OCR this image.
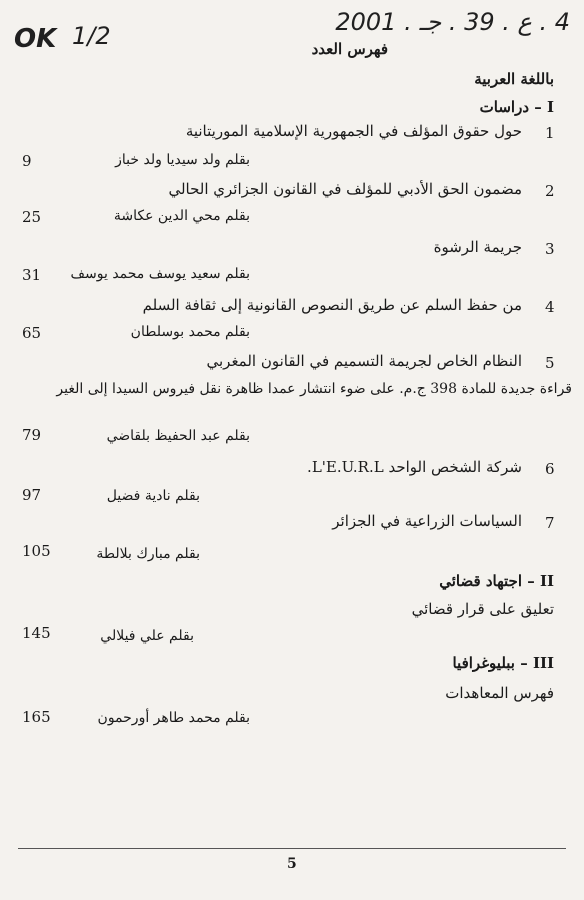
OK 1/2	4 . ع . 39 . جـ . 2001
فهرس العدد
باللغة العربية
I – دراسات
1
حول حقوق المؤلف في الجمهورية الإسلامية الموريتانية
بقلم ولد سيديا ولد خباز
9
2
مضمون الحق الأدبي للمؤلف في القانون الجزائري الحالي
بقلم محي الدين عكاشة
25
3
جريمة الرشوة
بقلم سعيد يوسف محمد يوسف
31
4
من حفظ السلم عن طريق النصوص القانونية إلى ثقافة السلم
بقلم محمد بوسلطان
65
5
النظام الخاص لجريمة التسميم في القانون المغربي
قراءة جديدة للمادة 398 ج.م. على ضوء انتشار عمدا ظاهرة نقل فيروس السيدا إلى الغير
بقلم عبد الحفيظ بلقاضي
79
6
شركة الشخص الواحد L'E.U.R.L.
بقلم نادية فضيل
97
7
السياسات الزراعية في الجزائر
بقلم مبارك بلالطة
105
II – اجتهاد قضائي
تعليق على قرار قضائي
بقلم علي فيلالي
145
III – ببليوغرافيا
فهرس المعاهدات
بقلم محمد طاهر أورحمون
165
5
